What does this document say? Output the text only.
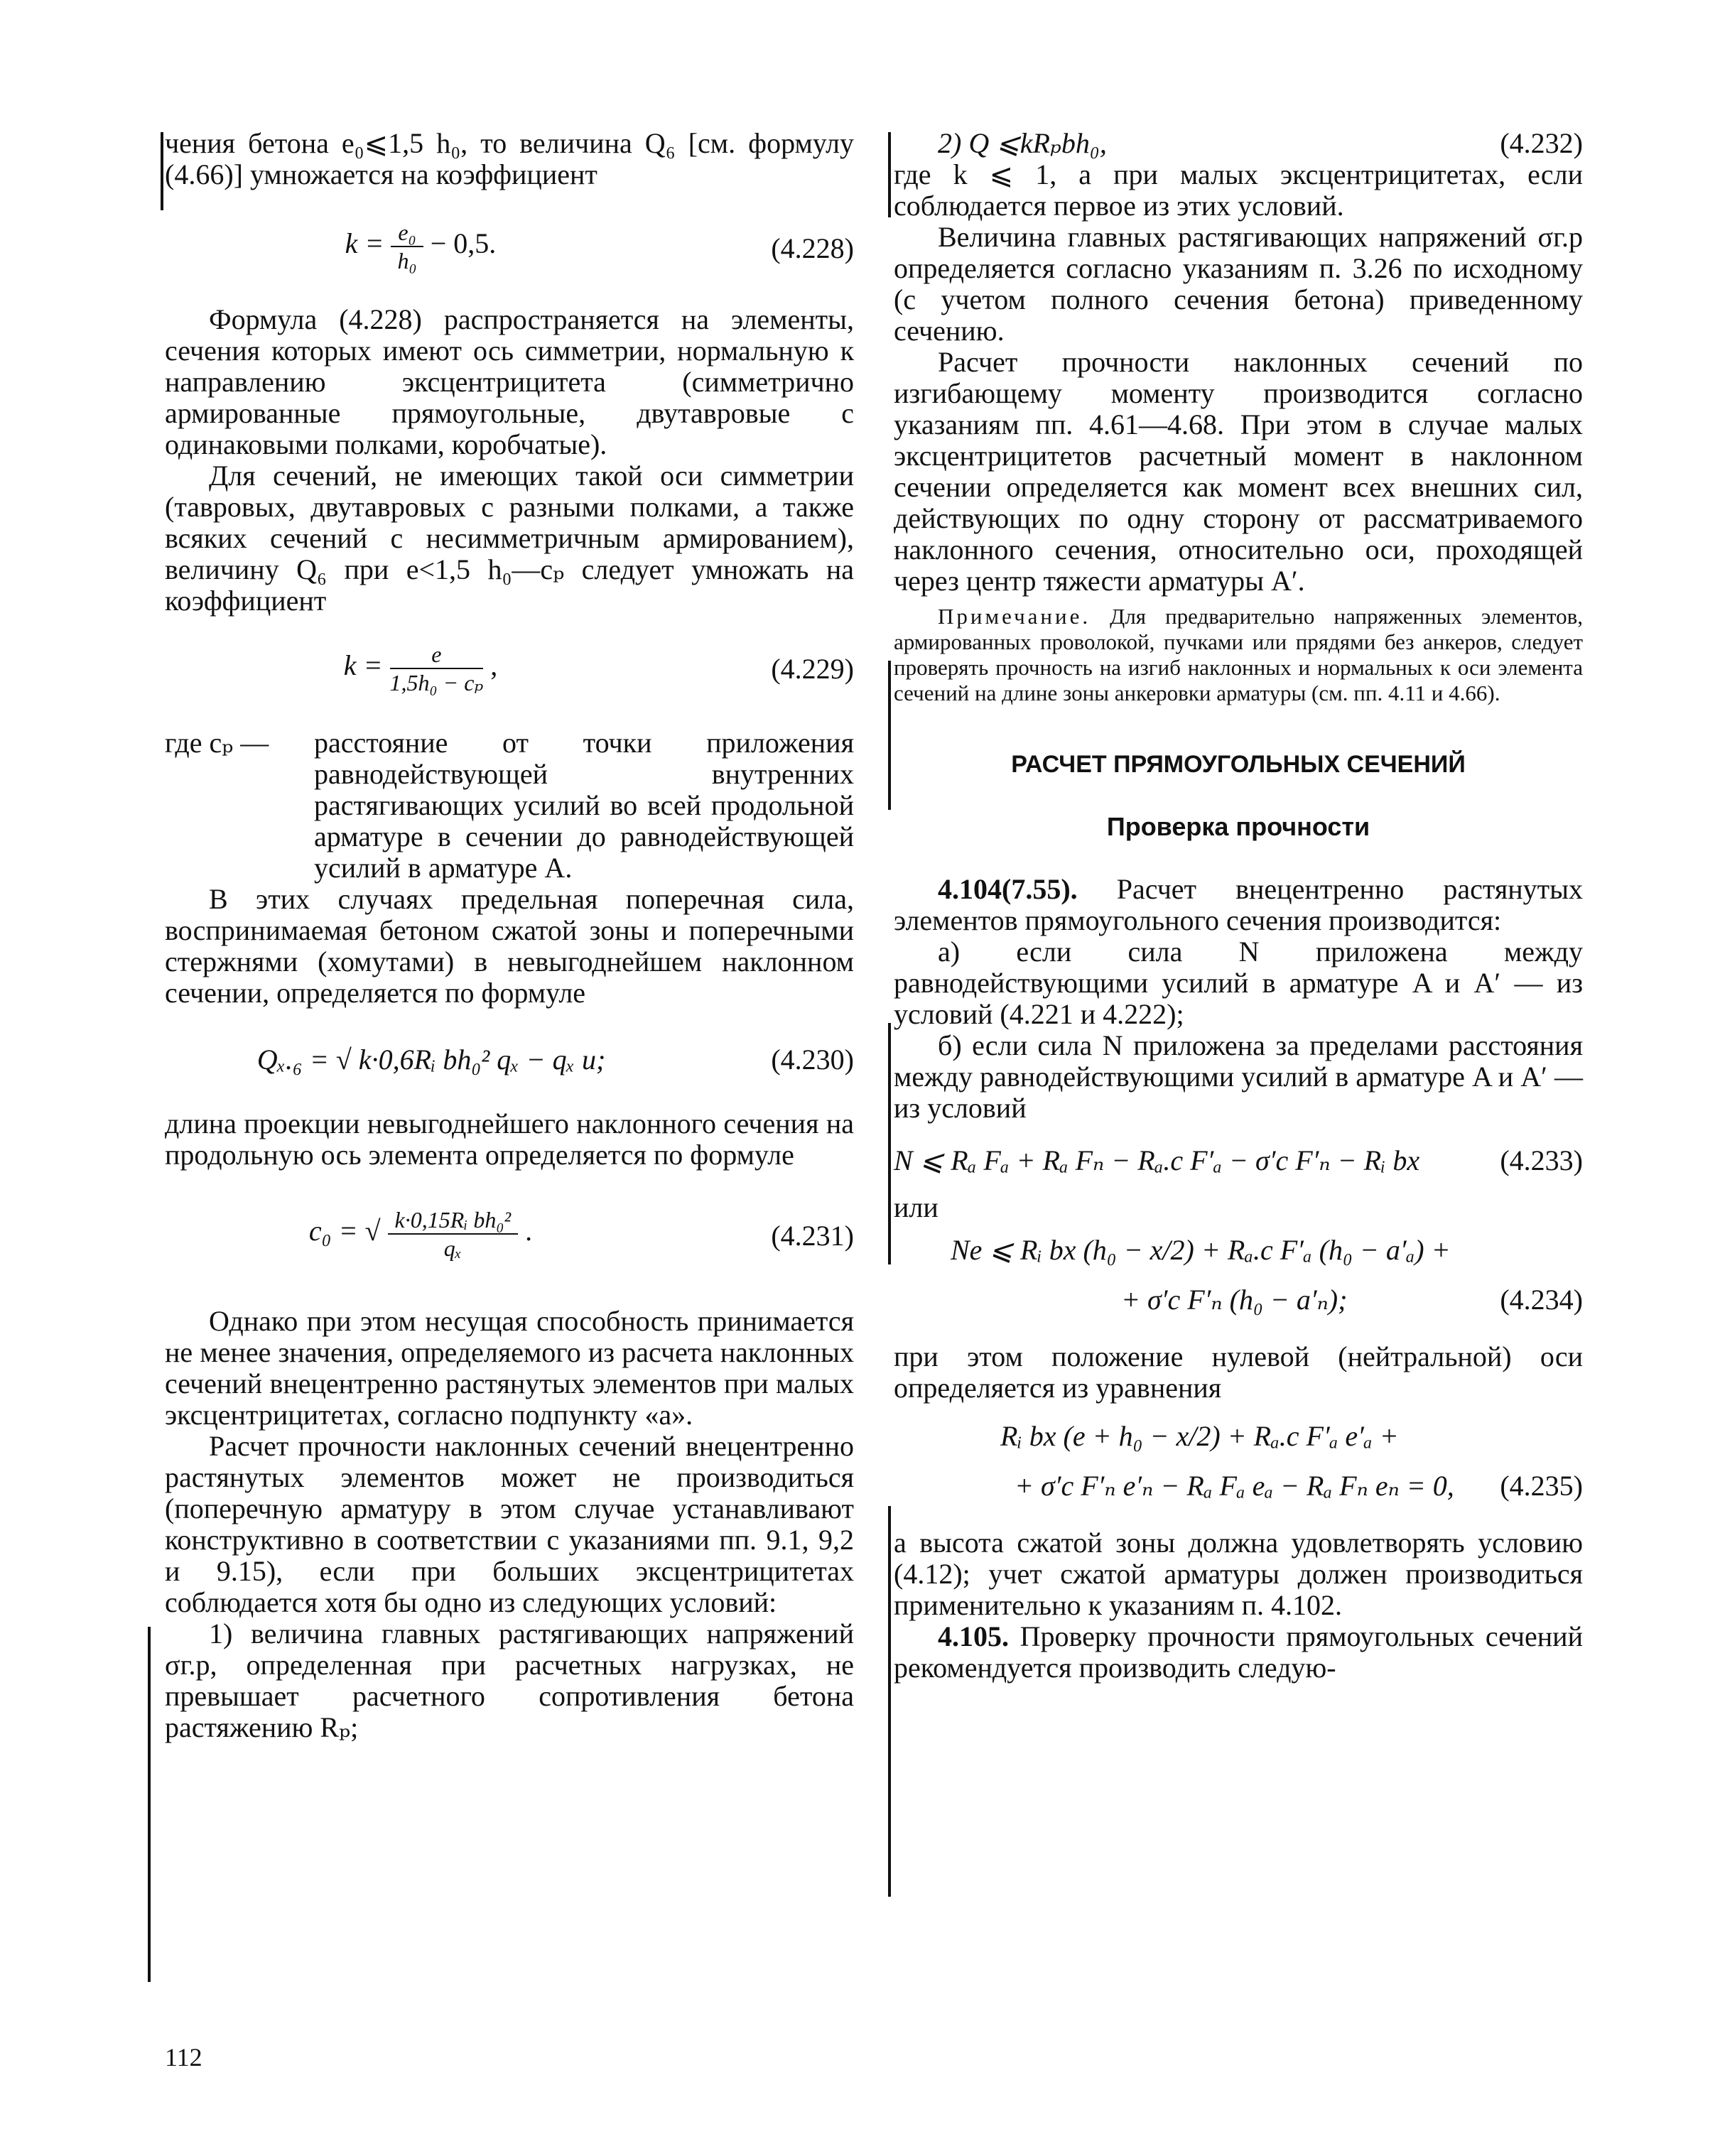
чения бетона e₀⩽1,5 h₀, то величина Q₆ [см. формулу (4.66)] умножается на коэффициент

$k = \frac{\text{e₀}}{\text{h₀}} - 0,5$.	(4.228)

Формула (4.228) распространяется на элементы, сечения которых имеют ось симметрии, нормальную к направлению эксцентрицитета (симметрично армированные прямоугольные, двутавровые с одинаковыми полками, коробчатые).

Для сечений, не имеющих такой оси симметрии (тавровых, двутавровых с разными полками, а также всяких сечений с несимметричным армированием), величину Q₆ при e<1,5 h₀—cₚ следует умножать на коэффициент

$k = \frac{e}{\text{1,5h₀ − cₚ}}$ ,	(4.229)
где cₚ —	расстояние от точки приложения равнодействующей внутренних растягивающих усилий во всей продольной арматуре в сечении до равнодействующей усилий в арматуре A.

В этих случаях предельная поперечная сила, воспринимаемая бетоном сжатой зоны и поперечными стержнями (хомутами) в невыгоднейшем наклонном сечении, определяется по формуле

Qₓ.₆ = √ k·0,6Rᵢ bh₀² qₓ − qₓ u;	(4.230)

длина проекции невыгоднейшего наклонного сечения на продольную ось элемента определяется по формуле

c₀ = √ $\frac{\text{k·0,15Rᵢ bh₀²}}{\text{qₓ}}$ .	(4.231)

Однако при этом несущая способность принимается не менее значения, определяемого из расчета наклонных сечений внецентренно растянутых элементов при малых эксцентрицитетах, согласно подпункту «а».

Расчет прочности наклонных сечений внецентренно растянутых элементов может не производиться (поперечную арматуру в этом случае устанавливают конструктивно в соответствии с указаниями пп. 9.1, 9,2 и 9.15), если при больших эксцентрицитетах соблюдается хотя бы одно из следующих условий:

1) величина главных растягивающих напряжений σг.р, определенная при расчетных нагрузках, не превышает расчетного сопротивления бетона растяжению Rₚ;

2) Q ⩽kRₚbh₀,	(4.232)

где k ⩽ 1, а при малых эксцентрицитетах, если соблюдается первое из этих условий.

Величина главных растягивающих напряжений σг.р определяется согласно указаниям п. 3.26 по исходному (с учетом полного сечения бетона) приведенному сечению.

Расчет прочности наклонных сечений по изгибающему моменту производится согласно указаниям пп. 4.61—4.68. При этом в случае малых эксцентрицитетов расчетный момент в наклонном сечении определяется как момент всех внешних сил, действующих по одну сторону от рассматриваемого наклонного сечения, относительно оси, проходящей через центр тяжести арматуры A′.

Примечание. Для предварительно напряженных элементов, армированных проволокой, пучками или прядями без анкеров, следует проверять прочность на изгиб наклонных и нормальных к оси элемента сечений на длине зоны анкеровки арматуры (см. пп. 4.11 и 4.66).

РАСЧЕТ ПРЯМОУГОЛЬНЫХ СЕЧЕНИЙ

Проверка прочности

4.104(7.55). Расчет внецентренно растянутых элементов прямоугольного сечения производится:

а) если сила N приложена между равнодействующими усилий в арматуре A и A′ — из условий (4.221 и 4.222);

б) если сила N приложена за пределами расстояния между равнодействующими усилий в арматуре A и A′ — из условий

N ⩽ Rₐ Fₐ + Rₐ Fₙ − Rₐ.с F′ₐ − σ′с F′ₙ − Rᵢ bx	(4.233)

или

Ne ⩽ Rᵢ bx (h₀ − x/2) + Rₐ.с F′ₐ (h₀ − a′ₐ) +
+ σ′с F′ₙ (h₀ − a′ₙ);	(4.234)

при этом положение нулевой (нейтральной) оси определяется из уравнения

Rᵢ bx (e + h₀ − x/2) + Rₐ.с F′ₐ e′ₐ +
+ σ′с F′ₙ e′ₙ − Rₐ Fₐ eₐ − Rₐ Fₙ eₙ = 0, (4.235)

а высота сжатой зоны должна удовлетворять условию (4.12); учет сжатой арматуры должен производиться применительно к указаниям п. 4.102.

4.105. Проверку прочности прямоугольных сечений рекомендуется производить следую-

112
